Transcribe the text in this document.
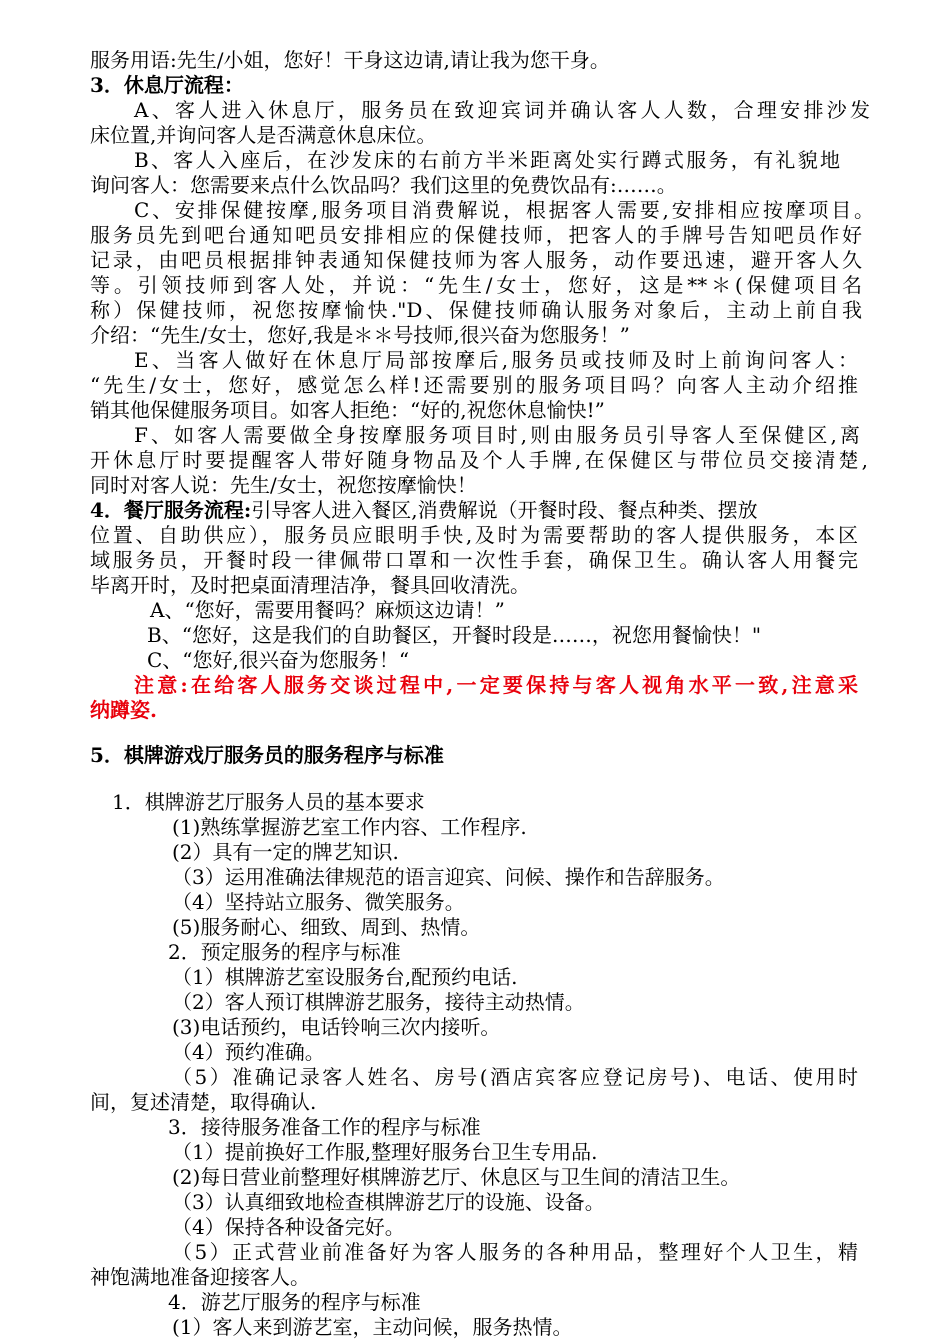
服务用语:先生/小姐，您好！干身这边请,请让我为您干身。
3．休息厅流程：
A、客人进入休息厅，服务员在致迎宾词并确认客人人数，合理安排沙发
床位置,并询问客人是否满意休息床位。
B、客人入座后，在沙发床的右前方半米距离处实行蹲式服务，有礼貌地
询问客人：您需要来点什么饮品吗？我们这里的免费饮品有:……。
C、安排保健按摩,服务项目消费解说，根据客人需要,安排相应按摩项目。
服务员先到吧台通知吧员安排相应的保健技师，把客人的手牌号告知吧员作好
记录，由吧员根据排钟表通知保健技师为客人服务，动作要迅速，避开客人久
等。引领技师到客人处，并说：“先生/女士，您好，这是**＊(保健项目名
称）保健技师，祝您按摩愉快."D、保健技师确认服务对象后，主动上前自我
介绍：“先生/女士，您好,我是＊＊号技师,很兴奋为您服务！”
E、当客人做好在休息厅局部按摩后,服务员或技师及时上前询问客人：
“先生/女士，您好，感觉怎么样!还需要别的服务项目吗？向客人主动介绍推
销其他保健服务项目。如客人拒绝：“好的,祝您休息愉快!”
F、如客人需要做全身按摩服务项目时,则由服务员引导客人至保健区,离
开休息厅时要提醒客人带好随身物品及个人手牌,在保健区与带位员交接清楚,
同时对客人说：先生/女士，祝您按摩愉快！
4．餐厅服务流程:引导客人进入餐区,消费解说（开餐时段、餐点种类、摆放
位置、自助供应），服务员应眼明手快,及时为需要帮助的客人提供服务，本区
域服务员，开餐时段一律佩带口罩和一次性手套，确保卫生。确认客人用餐完
毕离开时，及时把桌面清理洁净，餐具回收清洗。
A、“您好，需要用餐吗？麻烦这边请！”
B、“您好，这是我们的自助餐区，开餐时段是……，祝您用餐愉快！"
C、“您好,很兴奋为您服务！“
注意:在给客人服务交谈过程中,一定要保持与客人视角水平一致,注意采
纳蹲姿.
5．棋牌游戏厅服务员的服务程序与标准
1．棋牌游艺厅服务人员的基本要求
(1)熟练掌握游艺室工作内容、工作程序.
(2）具有一定的牌艺知识.
（3）运用准确法律规范的语言迎宾、问候、操作和告辞服务。
（4）坚持站立服务、微笑服务。
(5)服务耐心、细致、周到、热情。
2．预定服务的程序与标准
（1）棋牌游艺室设服务台,配预约电话.
（2）客人预订棋牌游艺服务，接待主动热情。
(3)电话预约，电话铃响三次内接听。
（4）预约准确。
（5）准确记录客人姓名、房号(酒店宾客应登记房号)、电话、使用时
间，复述清楚，取得确认.
3．接待服务准备工作的程序与标准
（1）提前换好工作服,整理好服务台卫生专用品.
(2)每日营业前整理好棋牌游艺厅、休息区与卫生间的清洁卫生。
（3）认真细致地检查棋牌游艺厅的设施、设备。
（4）保持各种设备完好。
（5）正式营业前准备好为客人服务的各种用品，整理好个人卫生，精
神饱满地准备迎接客人。
4．游艺厅服务的程序与标准
(1）客人来到游艺室，主动问候，服务热情。
